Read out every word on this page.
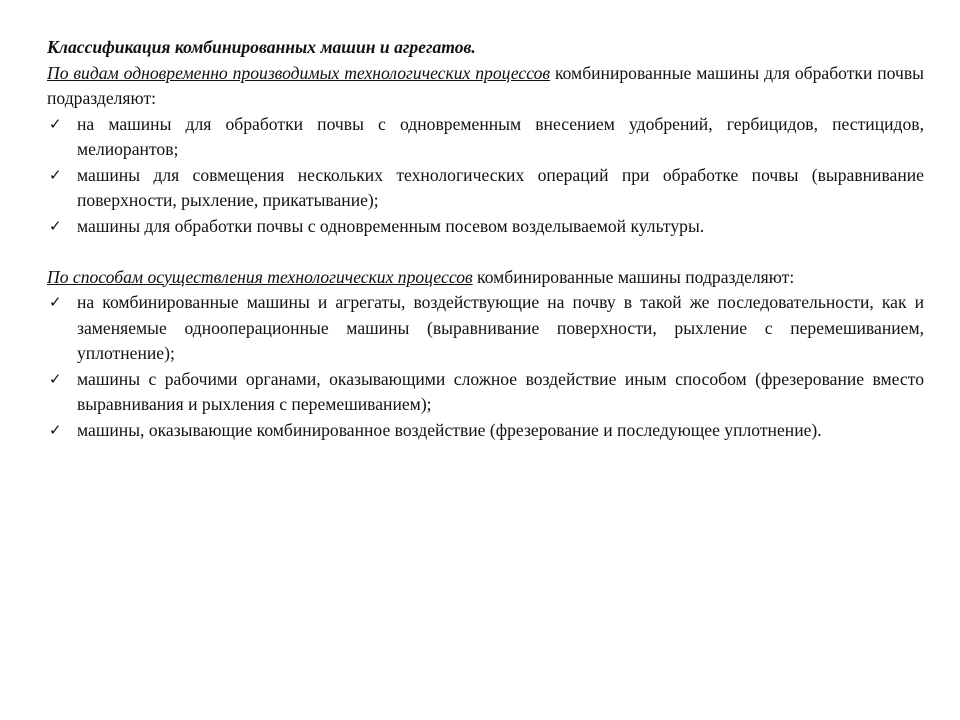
Классификация комбинированных машин и агрегатов.

По видам одновременно производимых технологических процессов комбинированные машины для обработки почвы подразделяют:

✓ на машины для обработки почвы с одновременным внесением удобрений, гербицидов, пестицидов, мелиорантов;
✓ машины для совмещения нескольких технологических операций при обработке почвы (выравнивание поверхности, рыхление, прикатывание);
✓ машины для обработки почвы с одновременным посевом возделываемой культуры.

По способам осуществления технологических процессов комбинированные машины подразделяют:

✓ на комбинированные машины и агрегаты, воздействующие на почву в такой же последовательности, как и заменяемые однооперационные машины (выравнивание поверхности, рыхление с перемешиванием, уплотнение);
✓ машины с рабочими органами, оказывающими сложное воздействие иным способом (фрезерование вместо выравнивания и рыхления с перемешиванием);
✓ машины, оказывающие комбинированное воздействие (фрезерование и последующее уплотнение).
